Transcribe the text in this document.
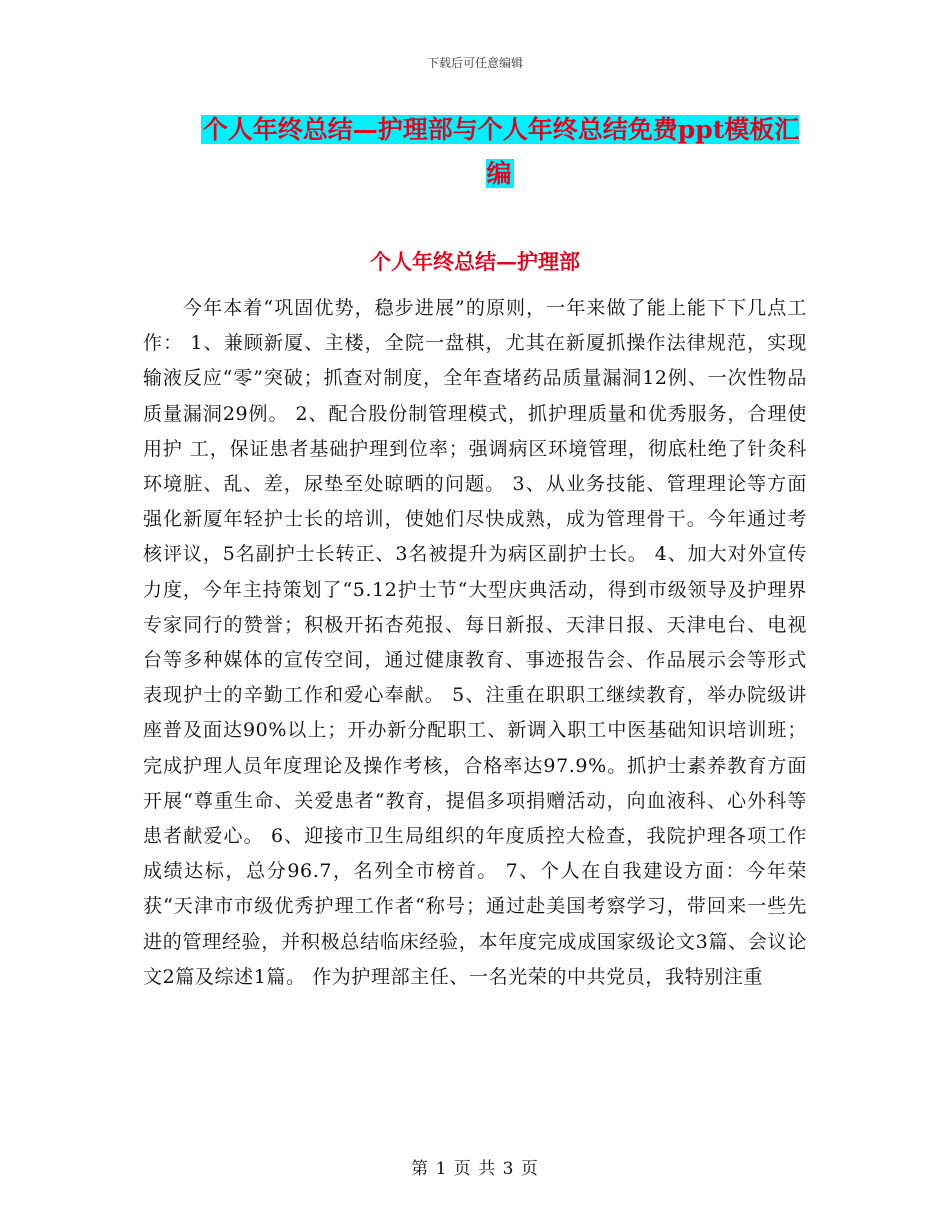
下载后可任意编辑
个人年终总结—护理部与个人年终总结免费ppt模板汇编
个人年终总结—护理部
今年本着“巩固优势，稳步进展”的原则，一年来做了能上能下下几点工作： 1、兼顾新厦、主楼，全院一盘棋，尤其在新厦抓操作法律规范，实现输液反应“零”突破；抓查对制度，全年查堵药品质量漏洞12例、一次性物品质量漏洞29例。 2、配合股份制管理模式，抓护理质量和优秀服务，合理使用护 工，保证患者基础护理到位率；强调病区环境管理，彻底杜绝了针灸科环境脏、乱、差，尿垫至处晾晒的问题。 3、从业务技能、管理理论等方面强化新厦年轻护士长的培训，使她们尽快成熟，成为管理骨干。今年通过考核评议，5名副护士长转正、3名被提升为病区副护士长。 4、加大对外宣传力度，今年主持策划了“5.12护士节“大型庆典活动，得到市级领导及护理界专家同行的赞誉；积极开拓杏苑报、每日新报、天津日报、天津电台、电视台等多种媒体的宣传空间，通过健康教育、事迹报告会、作品展示会等形式表现护士的辛勤工作和爱心奉献。 5、注重在职职工继续教育，举办院级讲座普及面达90%以上；开办新分配职工、新调入职工中医基础知识培训班；完成护理人员年度理论及操作考核，合格率达97.9%。抓护士素养教育方面开展“尊重生命、关爱患者“教育，提倡多项捐赠活动，向血液科、心外科等患者献爱心。 6、迎接市卫生局组织的年度质控大检查，我院护理各项工作成绩达标，总分96.7，名列全市榜首。 7、个人在自我建设方面：今年荣获“天津市市级优秀护理工作者“称号；通过赴美国考察学习，带回来一些先进的管理经验，并积极总结临床经验，本年度完成成国家级论文3篇、会议论文2篇及综述1篇。 作为护理部主任、一名光荣的中共党员，我特别注重
第 1 页 共 3 页
